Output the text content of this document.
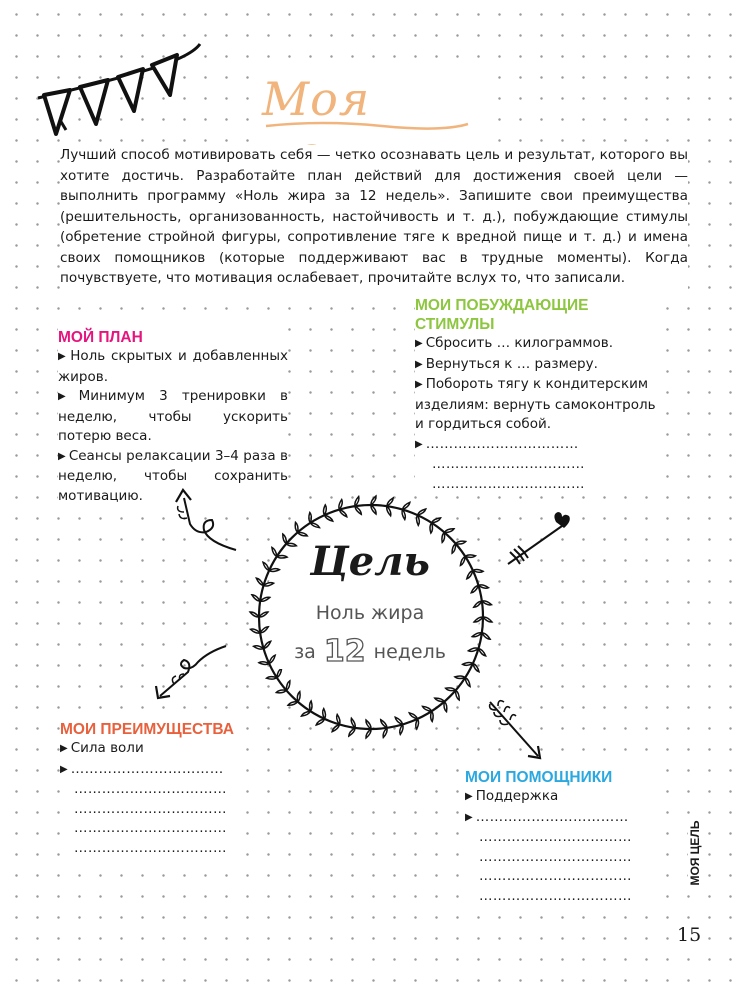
Моя
Лучший способ мотивировать себя — четко осознавать цель и результат, которого вы хотите достичь. Разработайте план действий для достижения своей цели — выполнить программу «Ноль жира за 12 недель». Запишите свои преимущества (решительность, организованность, настойчивость и т. д.), побуждающие стимулы (обретение стройной фигуры, сопротивление тяге к вредной пище и т. д.) и имена своих помощников (которые поддерживают вас в трудные моменты). Когда почувствуете, что мотивация ослабевает, прочитайте вслух то, что записали.
МОЙ ПЛАН

▶ Ноль скрытых и добавленных жиров.

▶ Минимум 3 тренировки в неделю, чтобы ускорить потерю веса.

▶ Сеансы релаксации 3–4 раза в неделю, чтобы сохранить мотивацию.

МОИ ПОБУЖДАЮЩИЕ
СТИМУЛЫ

▶ Сбросить … килограммов.

▶ Вернуться к … размеру.

▶ Побороть тягу к кондитерским изделиям: вернуть самоконтроль и гордиться собой.

▶ ……………………………

……………………………

……………………………

Цель
Ноль жира
за 12 недель
МОИ ПРЕИМУЩЕСТВА

▶ Сила воли

▶ ……………………………

……………………………

……………………………

……………………………

……………………………

МОИ ПОМОЩНИКИ

▶ Поддержка

▶ ……………………………

……………………………

……………………………

……………………………

……………………………

МОЯ ЦЕЛЬ
15
